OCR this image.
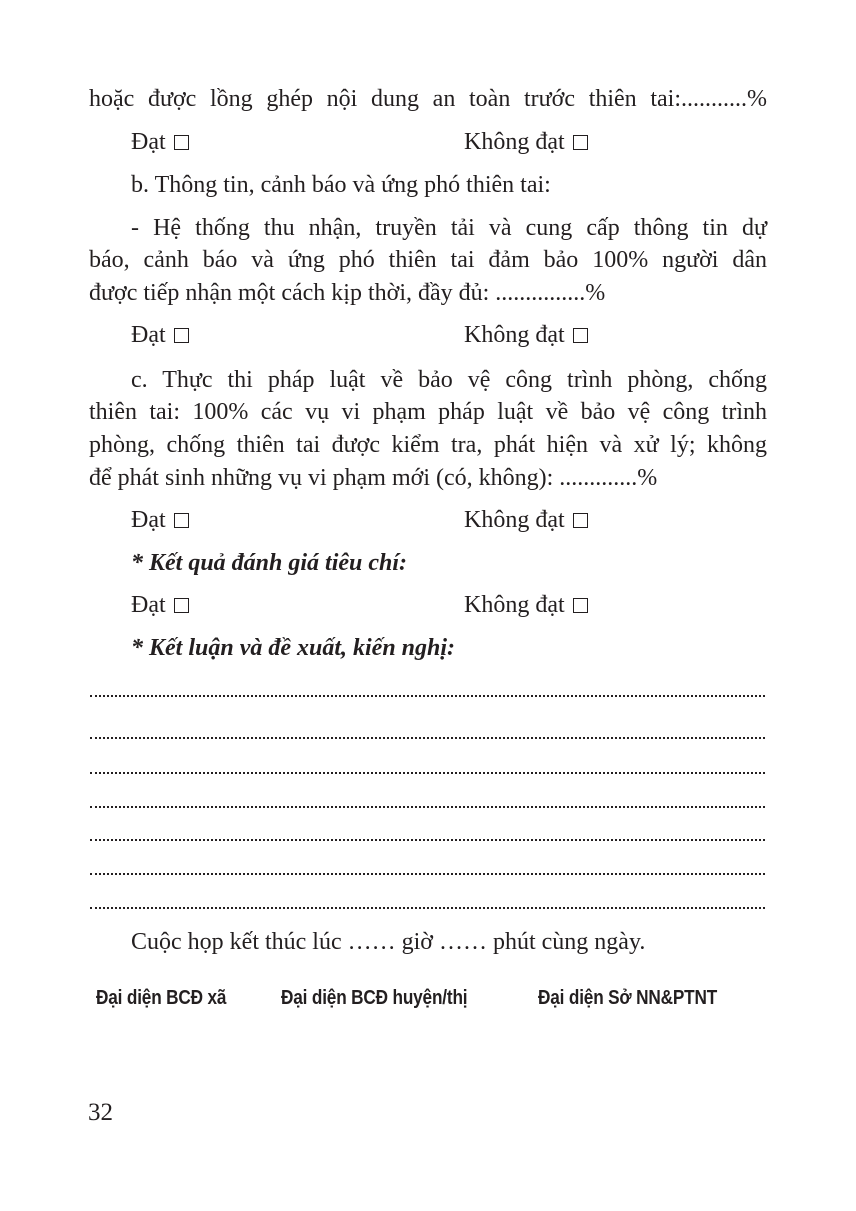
hoặc được lồng ghép nội dung an toàn trước thiên tai:...........%
Đạt	Không đạt
b. Thông tin, cảnh báo và ứng phó thiên tai:
- Hệ thống thu nhận, truyền tải và cung cấp thông tin dự
báo, cảnh báo và ứng phó thiên tai đảm bảo 100% người dân
được tiếp nhận một cách kịp thời, đầy đủ: ...............%
Đạt	Không đạt
c. Thực thi pháp luật về bảo vệ công trình phòng, chống
thiên tai: 100% các vụ vi phạm pháp luật về bảo vệ công trình
phòng, chống thiên tai được kiểm tra, phát hiện và xử lý; không
để phát sinh những vụ vi phạm mới (có, không): .............%
Đạt	Không đạt
* Kết quả đánh giá tiêu chí:
Đạt	Không đạt
* Kết luận và đề xuất, kiến nghị:
Cuộc họp kết thúc lúc …… giờ …… phút cùng ngày.
Đại diện BCĐ xã	Đại diện BCĐ huyện/thị	Đại diện Sở NN&PTNT
32
